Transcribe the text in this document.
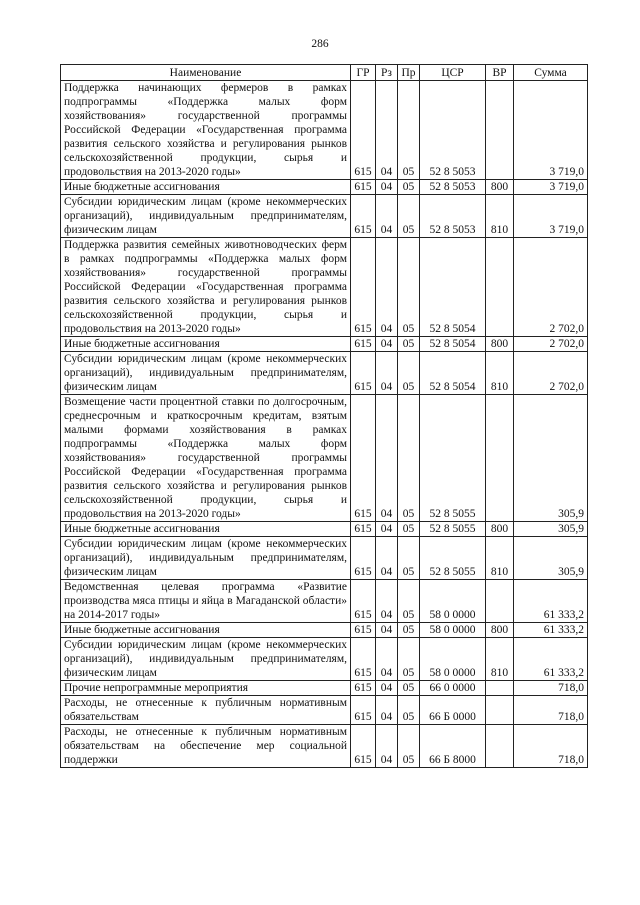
286
Наименование	ГР	Рз	Пр	ЦСР	ВР	Сумма
Поддержка начинающих фермеров в рамках подпрограммы «Поддержка малых форм хозяйствования» государственной программы Российской Федерации «Государственная программа развития сельского хозяйства и регулирования рынков сельскохозяйственной продукции, сырья и продовольствия на 2013-2020 годы»	615	04	05	52 8 5053		3 719,0
Иные бюджетные ассигнования	615	04	05	52 8 5053	800	3 719,0
Субсидии юридическим лицам (кроме некоммерческих организаций), индивидуальным предпринимателям, физическим лицам	615	04	05	52 8 5053	810	3 719,0
Поддержка развития семейных животноводческих ферм в рамках подпрограммы «Поддержка малых форм хозяйствования» государственной программы Российской Федерации «Государственная программа развития сельского хозяйства и регулирования рынков сельскохозяйственной продукции, сырья и продовольствия на 2013-2020 годы»	615	04	05	52 8 5054		2 702,0
Иные бюджетные ассигнования	615	04	05	52 8 5054	800	2 702,0
Субсидии юридическим лицам (кроме некоммерческих организаций), индивидуальным предпринимателям, физическим лицам	615	04	05	52 8 5054	810	2 702,0
Возмещение части процентной ставки по долгосрочным, среднесрочным и краткосрочным кредитам, взятым малыми формами хозяйствования в рамках подпрограммы «Поддержка малых форм хозяйствования» государственной программы Российской Федерации «Государственная программа развития сельского хозяйства и регулирования рынков сельскохозяйственной продукции, сырья и продовольствия на 2013-2020 годы»	615	04	05	52 8 5055		305,9
Иные бюджетные ассигнования	615	04	05	52 8 5055	800	305,9
Субсидии юридическим лицам (кроме некоммерческих организаций), индивидуальным предпринимателям, физическим лицам	615	04	05	52 8 5055	810	305,9
Ведомственная целевая программа «Развитие производства мяса птицы и яйца в Магаданской области» на 2014-2017 годы»	615	04	05	58 0 0000		61 333,2
Иные бюджетные ассигнования	615	04	05	58 0 0000	800	61 333,2
Субсидии юридическим лицам (кроме некоммерческих организаций), индивидуальным предпринимателям, физическим лицам	615	04	05	58 0 0000	810	61 333,2
Прочие непрограммные мероприятия	615	04	05	66 0 0000		718,0
Расходы, не отнесенные к публичным нормативным обязательствам	615	04	05	66 Б 0000		718,0
Расходы, не отнесенные к публичным нормативным обязательствам на обеспечение мер социальной поддержки	615	04	05	66 Б 8000		718,0
